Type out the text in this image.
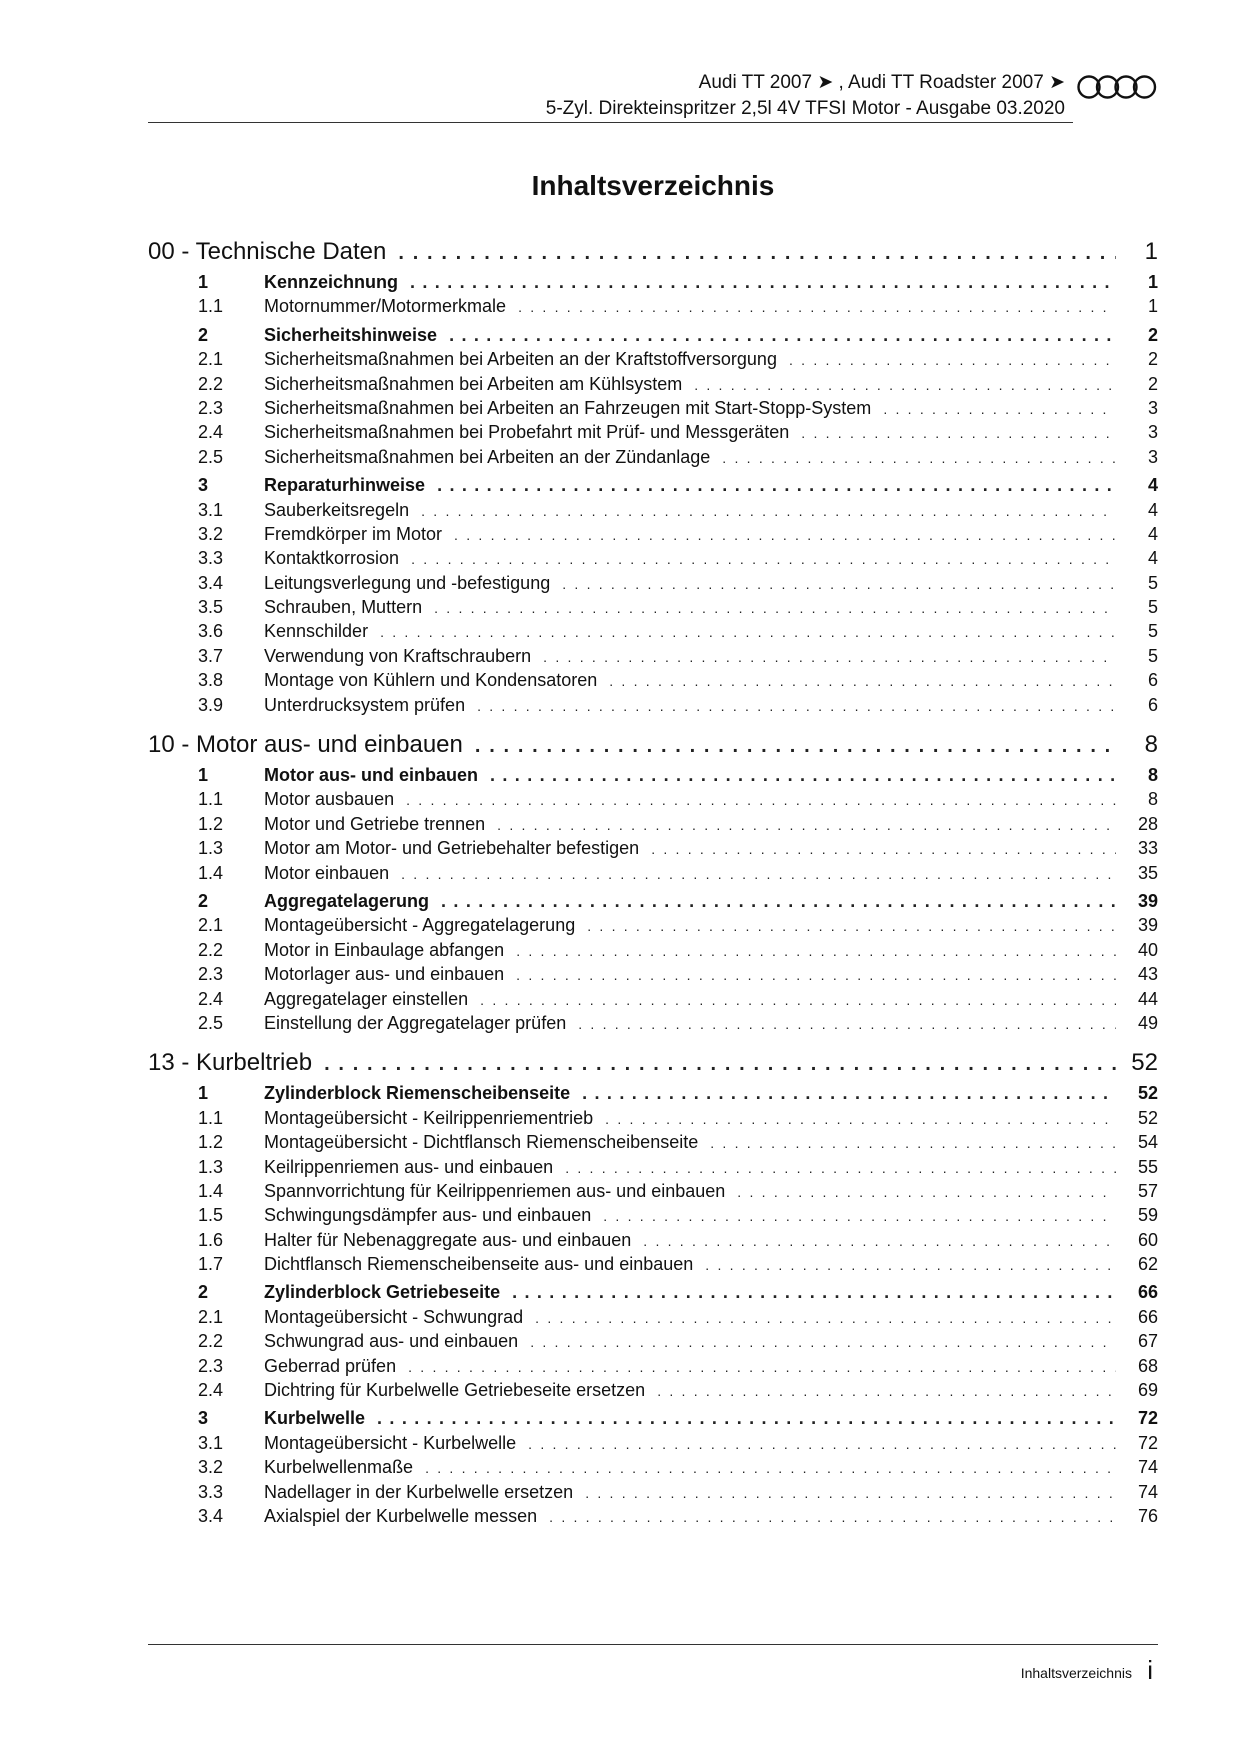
Audi TT 2007 ➤ , Audi TT Roadster 2007 ➤
5-Zyl. Direkteinspritzer 2,5l 4V TFSI Motor - Ausgabe 03.2020
Inhaltsverzeichnis
00 - Technische Daten . . .	1
1	Kennzeichnung . . .	1
1.1	Motornummer/Motormerkmale . . .	1
2	Sicherheitshinweise . . .	2
2.1	Sicherheitsmaßnahmen bei Arbeiten an der Kraftstoffversorgung . . .	2
2.2	Sicherheitsmaßnahmen bei Arbeiten am Kühlsystem . . .	2
2.3	Sicherheitsmaßnahmen bei Arbeiten an Fahrzeugen mit Start-Stopp-System . . .	3
2.4	Sicherheitsmaßnahmen bei Probefahrt mit Prüf- und Messgeräten . . .	3
2.5	Sicherheitsmaßnahmen bei Arbeiten an der Zündanlage . . .	3
3	Reparaturhinweise . . .	4
3.1	Sauberkeitsregeln . . .	4
3.2	Fremdkörper im Motor . . .	4
3.3	Kontaktkorrosion . . .	4
3.4	Leitungsverlegung und -befestigung . . .	5
3.5	Schrauben, Muttern . . .	5
3.6	Kennschilder . . .	5
3.7	Verwendung von Kraftschraubern . . .	5
3.8	Montage von Kühlern und Kondensatoren . . .	6
3.9	Unterdrucksystem prüfen . . .	6
10 - Motor aus- und einbauen . . .	8
1	Motor aus- und einbauen . . .	8
1.1	Motor ausbauen . . .	8
1.2	Motor und Getriebe trennen . . .	28
1.3	Motor am Motor- und Getriebehalter befestigen . . .	33
1.4	Motor einbauen . . .	35
2	Aggregatelagerung . . .	39
2.1	Montageübersicht - Aggregatelagerung . . .	39
2.2	Motor in Einbaulage abfangen . . .	40
2.3	Motorlager aus- und einbauen . . .	43
2.4	Aggregatelager einstellen . . .	44
2.5	Einstellung der Aggregatelager prüfen . . .	49
13 - Kurbeltrieb . . .	52
1	Zylinderblock Riemenscheibenseite . . .	52
1.1	Montageübersicht - Keilrippenriementrieb . . .	52
1.2	Montageübersicht - Dichtflansch Riemenscheibenseite . . .	54
1.3	Keilrippenriemen aus- und einbauen . . .	55
1.4	Spannvorrichtung für Keilrippenriemen aus- und einbauen . . .	57
1.5	Schwingungsdämpfer aus- und einbauen . . .	59
1.6	Halter für Nebenaggregate aus- und einbauen . . .	60
1.7	Dichtflansch Riemenscheibenseite aus- und einbauen . . .	62
2	Zylinderblock Getriebeseite . . .	66
2.1	Montageübersicht - Schwungrad . . .	66
2.2	Schwungrad aus- und einbauen . . .	67
2.3	Geberrad prüfen . . .	68
2.4	Dichtring für Kurbelwelle Getriebeseite ersetzen . . .	69
3	Kurbelwelle . . .	72
3.1	Montageübersicht - Kurbelwelle . . .	72
3.2	Kurbelwellenmaße . . .	74
3.3	Nadellager in der Kurbelwelle ersetzen . . .	74
3.4	Axialspiel der Kurbelwelle messen . . .	76
Inhaltsverzeichnis i
